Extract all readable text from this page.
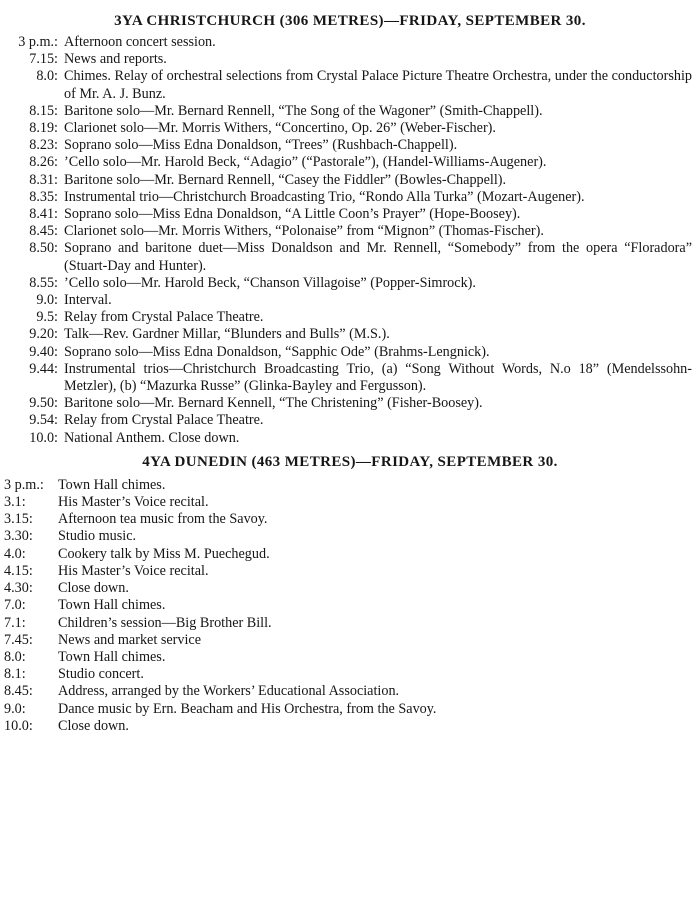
3YA CHRISTCHURCH (306 METRES)—FRIDAY, SEPTEMBER 30.
3 p.m.: Afternoon concert session.
7.15: News and reports.
8.0: Chimes. Relay of orchestral selections from Crystal Palace Picture Theatre Orchestra, under the conductorship of Mr. A. J. Bunz.
8.15: Baritone solo—Mr. Bernard Rennell, “The Song of the Wagoner” (Smith-Chappell).
8.19: Clarionet solo—Mr. Morris Withers, “Concertino, Op. 26” (Weber-Fischer).
8.23: Soprano solo—Miss Edna Donaldson, “Trees” (Rushbach-Chappell).
8.26: ’Cello solo—Mr. Harold Beck, “Adagio” (“Pastorale”), (Handel-Williams-Augener).
8.31: Baritone solo—Mr. Bernard Rennell, “Casey the Fiddler” (Bowles-Chappell).
8.35: Instrumental trio—Christchurch Broadcasting Trio, “Rondo Alla Turka” (Mozart-Augener).
8.41: Soprano solo—Miss Edna Donaldson, “A Little Coon’s Prayer” (Hope-Boosey).
8.45: Clarionet solo—Mr. Morris Withers, “Polonaise” from “Mignon” (Thomas-Fischer).
8.50: Soprano and baritone duet—Miss Donaldson and Mr. Rennell, “Somebody” from the opera “Floradora” (Stuart-Day and Hunter).
8.55: ’Cello solo—Mr. Harold Beck, “Chanson Villagoise” (Popper-Simrock).
9.0: Interval.
9.5: Relay from Crystal Palace Theatre.
9.20: Talk—Rev. Gardner Millar, “Blunders and Bulls” (M.S.).
9.40: Soprano solo—Miss Edna Donaldson, “Sapphic Ode” (Brahms-Lengnick).
9.44: Instrumental trios—Christchurch Broadcasting Trio, (a) “Song Without Words, N.o 18” (Mendelssohn-Metzler), (b) “Mazurka Russe” (Glinka-Bayley and Fergusson).
9.50: Baritone solo—Mr. Bernard Kennell, “The Christening” (Fisher-Boosey).
9.54: Relay from Crystal Palace Theatre.
10.0: National Anthem. Close down.
4YA DUNEDIN (463 METRES)—FRIDAY, SEPTEMBER 30.
3 p.m.: Town Hall chimes.
3.1:	His Master’s Voice recital.
3.15:	Afternoon tea music from the Savoy.
3.30:	Studio music.
4.0:	Cookery talk by Miss M. Puechegud.
4.15:	His Master’s Voice recital.
4.30:	Close down.
7.0:	Town Hall chimes.
7.1:	Children’s session—Big Brother Bill.
7.45:	News and market service
8.0:	Town Hall chimes.
8.1:	Studio concert.
8.45:	Address, arranged by the Workers’ Educational Association.
9.0:	Dance music by Ern. Beacham and His Orchestra, from the Savoy.
10.0:	Close down.
